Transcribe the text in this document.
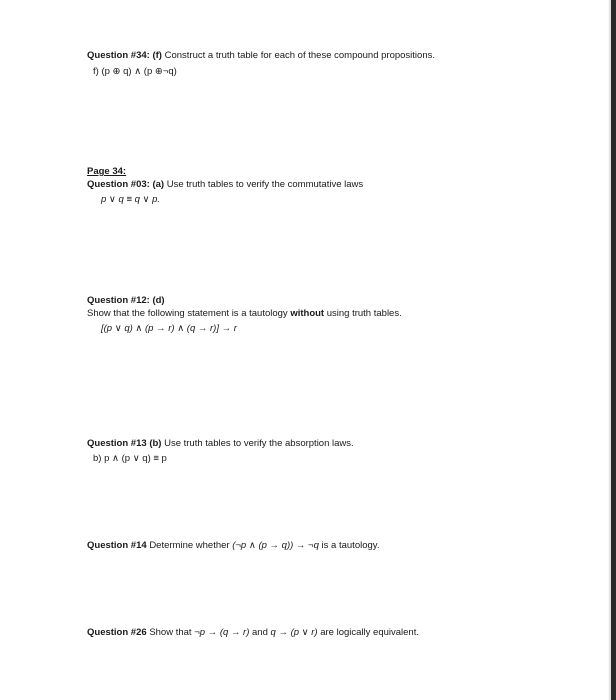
Question #34: (f) Construct a truth table for each of these compound propositions.
f) (p ⊕ q) ∧ (p ⊕¬q)
Page 34:
Question #03: (a) Use truth tables to verify the commutative laws
p ∨ q ≡ q ∨ p.
Question #12: (d)
Show that the following statement is a tautology without using truth tables.
[(p ∨ q) ∧ (p → r) ∧ (q → r)] → r
Question #13 (b) Use truth tables to verify the absorption laws.
b) p ∧ (p ∨ q) ≡ p
Question #14 Determine whether (¬p ∧ (p → q)) → ¬q is a tautology.
Question #26 Show that ¬p → (q → r) and q → (p ∨ r) are logically equivalent.
